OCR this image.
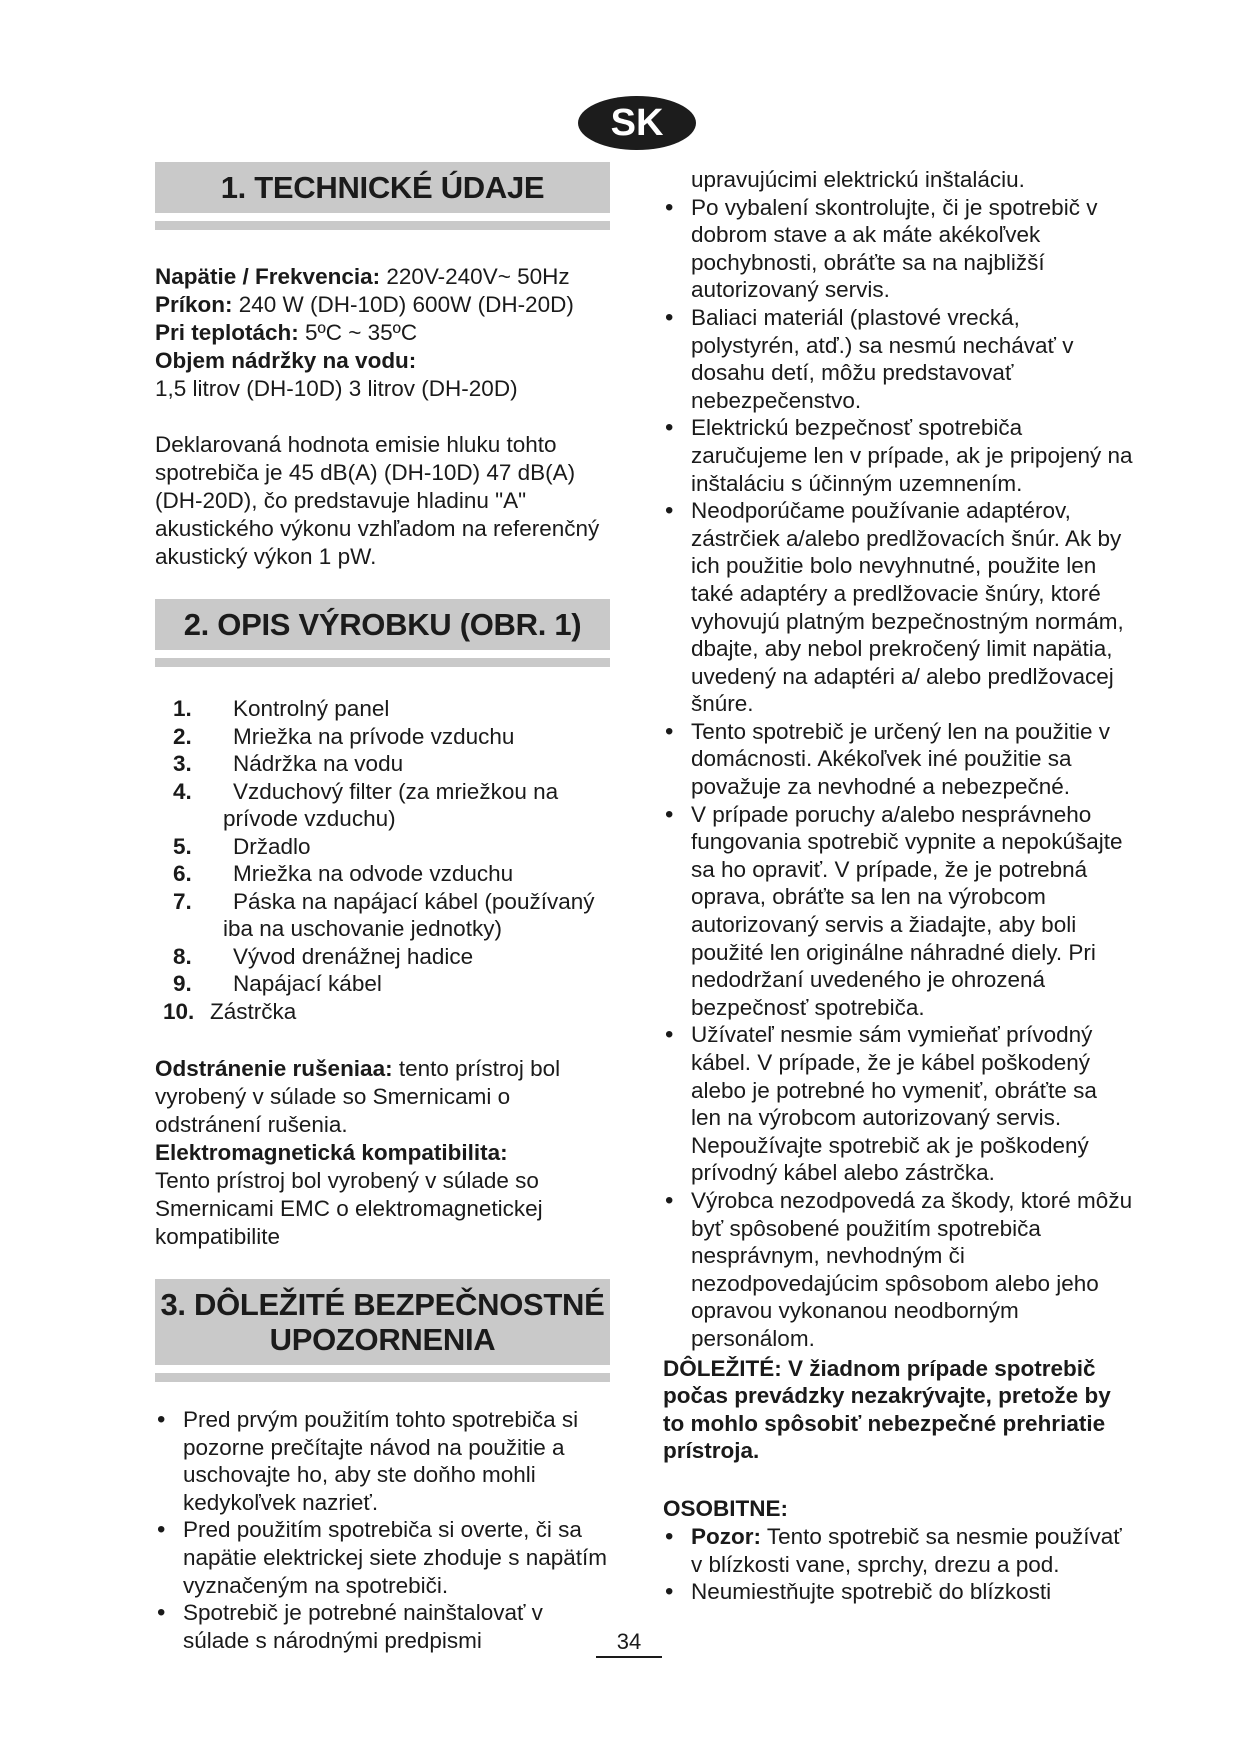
SK
1. TECHNICKÉ ÚDAJE
Napätie / Frekvencia: 220V-240V~ 50Hz
Príkon: 240 W (DH-10D) 600W (DH-20D)
Pri teplotách: 5ºC ~ 35ºC
Objem nádržky na vodu:
1,5 litrov (DH-10D) 3 litrov (DH-20D)

Deklarovaná hodnota emisie hluku tohto spotrebiča je 45 dB(A) (DH-10D) 47 dB(A) (DH-20D), čo predstavuje hladinu "A" akustického výkonu vzhľadom na referenčný akustický výkon 1 pW.

2. OPIS VÝROBKU (OBR. 1)
1. Kontrolný panel
2. Mriežka na prívode vzduchu
3. Nádržka na vodu
4. Vzduchový filter (za mriežkou na
prívode vzduchu)
5. Držadlo
6. Mriežka na odvode vzduchu
7. Páska na napájací kábel (používaný
iba na uschovanie jednotky)
8. Vývod drenážnej hadice
9. Napájací kábel
10. Zástrčka

Odstránenie rušeniaa: tento prístroj bol vyrobený v súlade so Smernicami o odstránení rušenia.

Elektromagnetická kompatibilita:

Tento prístroj bol vyrobený v súlade so Smernicami EMC o elektromagnetickej kompatibilite

3. DÔLEŽITÉ BEZPEČNOSTNÉ
UPOZORNENIA
• Pred prvým použitím tohto spotrebiča si pozorne prečítajte návod na použitie a uschovajte ho, aby ste doňho mohli kedykoľvek nazrieť.
• Pred použitím spotrebiča si overte, či sa napätie elektrickej siete zhoduje s napätím vyznačeným na spotrebiči.
• Spotrebič je potrebné nainštalovať v súlade s národnými predpismi
upravujúcimi elektrickú inštaláciu.
• Po vybalení skontrolujte, či je spotrebič v dobrom stave a ak máte akékoľvek pochybnosti, obráťte sa na najbližší autorizovaný servis.
• Baliaci materiál (plastové vrecká, polystyrén, atď.) sa nesmú nechávať v dosahu detí, môžu predstavovať nebezpečenstvo.
• Elektrickú bezpečnosť spotrebiča zaručujeme len v prípade, ak je pripojený na inštaláciu s účinným uzemnením.
• Neodporúčame používanie adaptérov, zástrčiek a/alebo predlžovacích šnúr. Ak by ich použitie bolo nevyhnutné, použite len také adaptéry a predlžovacie šnúry, ktoré vyhovujú platným bezpečnostným normám, dbajte, aby nebol prekročený limit napätia, uvedený na adaptéri a/ alebo predlžovacej šnúre.
• Tento spotrebič je určený len na použitie v domácnosti. Akékoľvek iné použitie sa považuje za nevhodné a nebezpečné.
• V prípade poruchy a/alebo nesprávneho fungovania spotrebič vypnite a nepokúšajte sa ho opraviť. V prípade, že je potrebná oprava, obráťte sa len na výrobcom autorizovaný servis a žiadajte, aby boli použité len originálne náhradné diely. Pri nedodržaní uvedeného je ohrozená bezpečnosť spotrebiča.
• Užívateľ nesmie sám vymieňať prívodný kábel. V prípade, že je kábel poškodený alebo je potrebné ho vymeniť, obráťte sa len na výrobcom autorizovaný servis. Nepoužívajte spotrebič ak je poškodený prívodný kábel alebo zástrčka.
• Výrobca nezodpovedá za škody, ktoré môžu byť spôsobené použitím spotrebiča nesprávnym, nevhodným či nezodpovedajúcim spôsobom alebo jeho opravou vykonanou neodborným personálom.
DÔLEŽITÉ: V žiadnom prípade spotrebič počas prevádzky nezakrývajte, pretože by to mohlo spôsobiť nebezpečné prehriatie prístroja.
OSOBITNE:
• Pozor: Tento spotrebič sa nesmie používať v blízkosti vane, sprchy, drezu a pod.
• Neumiestňujte spotrebič do blízkosti
34
